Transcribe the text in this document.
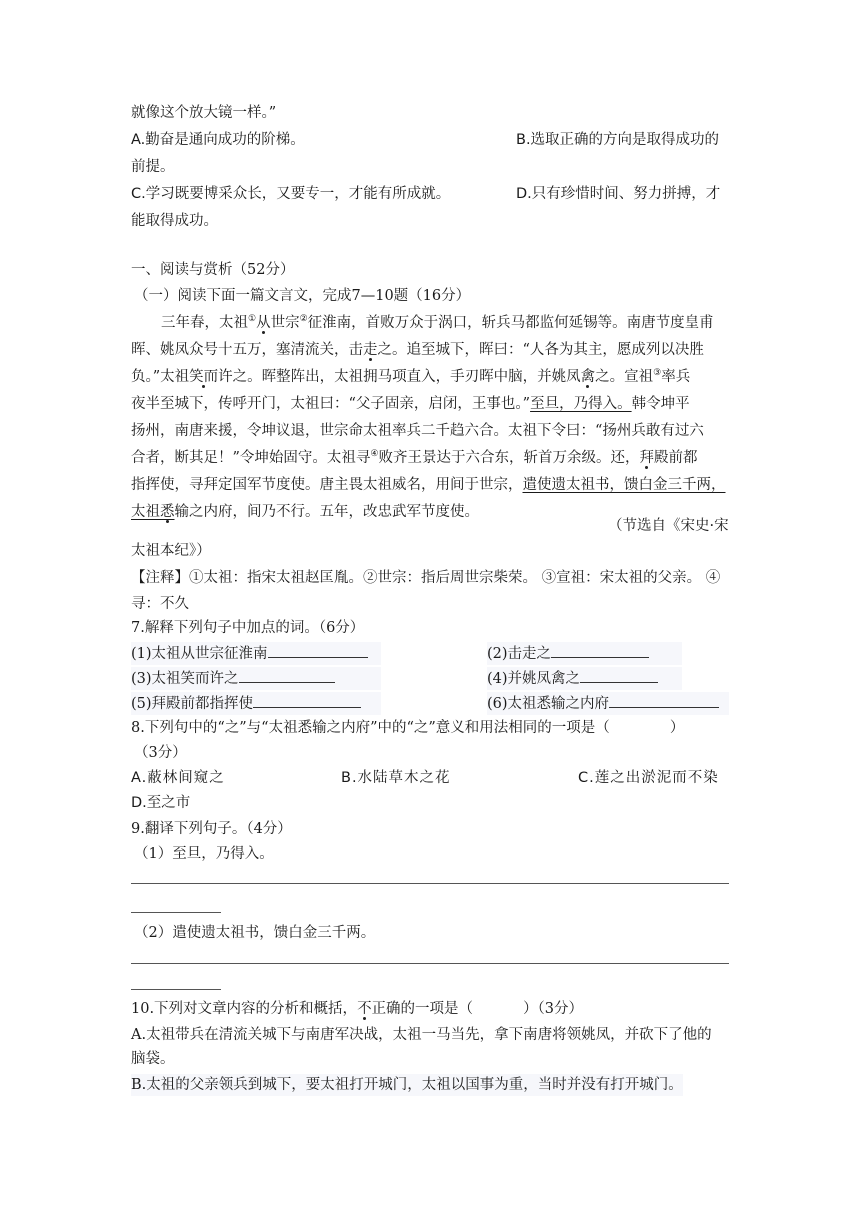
就像这个放大镜一样。”
A.勤奋是通向成功的阶梯。	B.选取正确的方向是取得成功的
前提。
C.学习既要博采众长，又要专一，才能有所成就。	D.只有珍惜时间、努力拼搏，才
能取得成功。
一、阅读与赏析（52分）
（一）阅读下面一篇文言文，完成7—10题（16分）
三年春，太祖①从世宗②征淮南，首败万众于涡口，斩兵马都监何延锡等。南唐节度皇甫
晖、姚凤众号十五万，塞清流关，击走之。追至城下，晖曰：“人各为其主，愿成列以决胜
负。”太祖笑而许之。晖整阵出，太祖拥马项直入，手刃晖中脑，并姚凤禽之。宣祖③率兵
夜半至城下，传呼开门，太祖曰：“父子固亲，启闭，王事也。”至旦，乃得入。韩令坤平
扬州，南唐来援，令坤议退，世宗命太祖率兵二千趋六合。太祖下令曰：“扬州兵敢有过六
合者，断其足！”令坤始固守。太祖寻④败齐王景达于六合东，斩首万余级。还，拜殿前都
指挥使，寻拜定国军节度使。唐主畏太祖威名，用间于世宗，遣使遗太祖书，馈白金三千两，
太祖悉输之内府，间乃不行。五年，改忠武军节度使。
（节选自《宋史·宋
太祖本纪》）
【注释】①太祖：指宋太祖赵匡胤。②世宗：指后周世宗柴荣。 ③宣祖：宋太祖的父亲。 ④
寻：不久
7.解释下列句子中加点的词。（6分）
(1)太祖从世宗征淮南	(2)击走之
(3)太祖笑而许之	(4)并姚凤禽之
(5)拜殿前都指挥使	(6)太祖悉输之内府
8.下列句中的“之”与“太祖悉输之内府”中的“之”意义和用法相同的一项是（	）
（3分）
A.蔽林间窥之	B.水陆草木之花	C.莲之出淤泥而不染
D.至之市
9.翻译下列句子。（4分）
（1）至旦，乃得入。
（2）遣使遗太祖书，馈白金三千两。
10.下列对文章内容的分析和概括，不正确的一项是（	）（3分）
A.太祖带兵在清流关城下与南唐军决战，太祖一马当先，拿下南唐将领姚凤，并砍下了他的
脑袋。
B.太祖的父亲领兵到城下，要太祖打开城门，太祖以国事为重，当时并没有打开城门。
